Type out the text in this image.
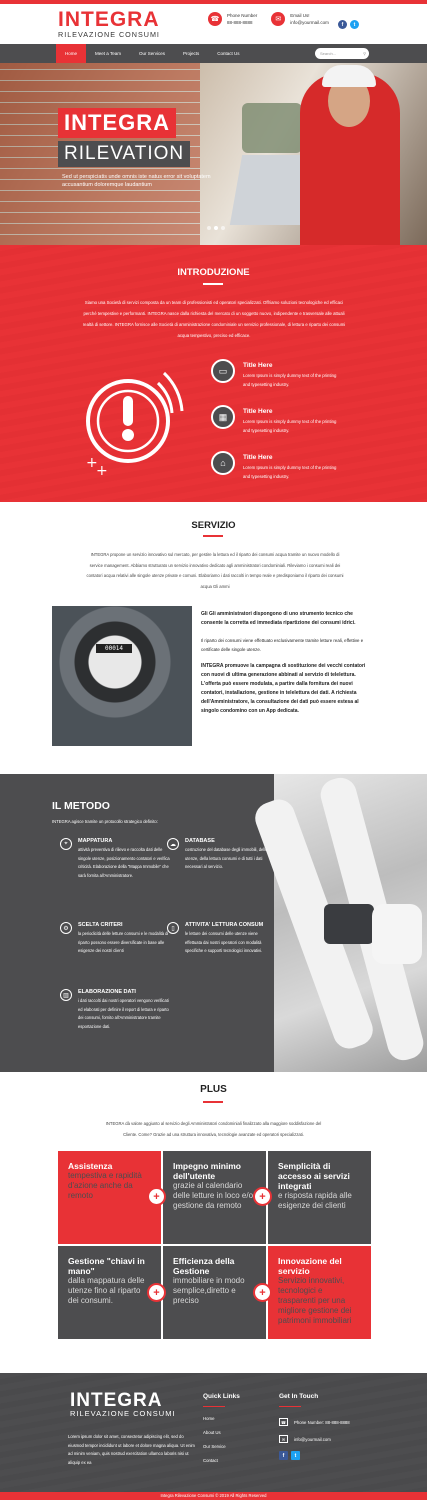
INTEGRA
RILEVAZIONE CONSUMI
☎
Phone Number
88-888-8888	✉
Email Us!
info@yourmail.com	f	t
Home	Meet a Team	Our Services	Projects	Contact Us	Search...	⚲
INTEGRA
RILEVATION
Sed ut perspiciatis unde omnis iste natus error sit voluptatem accusantium doloremque laudantium
INTRODUZIONE

Siamo una Società di servizi composta da un team di professionisti ed operatori specializzati. Offriamo soluzioni tecnologiche ed efficaci perché tempestive e performanti. INTEGRA nasce dalla richiesta del mercato di un soggetto nuovo, indipendente e trasversale alle attuali realtà di settore. INTEGRA fornisce alle Società di amministrazione condominiale un servizio professionale, di lettura e riparto dei consumi acqua tempestivo, preciso ed efficace.

+
+
▭	Title Here
Lorem Ipsum is simply dummy text of the printing and typesetting industry.
▦	Title Here
Lorem Ipsum is simply dummy text of the printing and typesetting industry.
⌂
Title Here
Lorem Ipsum is simply dummy text of the printing and typesetting industry.
SERVIZIO

INTEGRA propone un servizio innovativo sul mercato, per gestire la lettura ed il riparto dei consumi acqua tramite un nuovo modello di service management. Abbiamo strutturato un servizio innovativo dedicato agli amministratori condominiali. Rileviamo i consumi reali dei contatori acqua relativi alle singole utenze private e comuni. Elaboriamo i dati raccolti in tempo reale e predisponiamo il riparto dei consumi acqua Gli ammi

00014
Gli Gli amministratori dispongono di uno strumento tecnico che consente la corretta ed immediata ripartizione dei consumi idrici.
Il riparto dei consumi viene effettuato esclusivamente tramite letture reali, effettive e certificate delle singole utenze.
INTEGRA promuove la campagna di sostituzione dei vecchi contatori con nuovi di ultima generazione abbinati al servizio di telelettura. L'offerta può essere modulata, a partire dalla fornitura dei nuovi contatori, installazione, gestione in telelettura dei dati. A richiesta dell'Amministratore, la consultazione dei dati può essere estesa al singolo condomino con un App dedicata.
IL METODO
INTEGRA agisce tramite un protocollo strategico definito:
⌖	MAPPATURA
attività preventiva di rilievo e raccolta dati delle singole utenze, posizionamento contatori e verifica criticità. Elaborazione della "Mappa Immobile" che sarà fornita all'Amministratore.
☁
DATABASE
costruzione del database degli immobili, delle utenze, della lettura consumi e di tutti i dati necessari al servizio.
⚙
SCELTA CRITERI
la periodicità delle letture consumi e le modalità di riparto possono essere diversificate in base alle esigenze dei nostri clienti
▯
ATTIVITA' LETTURA CONSUM
le letture dei consumi delle utenze viene effettuata dai nostri operatori con modalità specifiche e supporti tecnologici innovativi.
▥
ELABORAZIONE DATI
i dati raccolti dai nostri operatori vengono verificati ed elaborati per definire il report di lettura e riparto dei consumi, fornito all'Amministratore tramite esportazione dati.
PLUS

INTEGRA dà valore aggiunto al servizio degli Amministratori condominiali finalizzato alla maggiore soddisfazione del Cliente. Come? Grazie ad una struttura innovativa, tecnologie avanzate ed operatori specializzati.

Assistenza
tempestiva e rapidità d'azione anche da remoto
Impegno minimo dell'utente
grazie al calendario delle letture in loco e/o gestione da remoto
Semplicità di accesso ai servizi integrati
e risposta rapida alle esigenze dei clienti
Gestione "chiavi in mano"
dalla mappatura delle utenze fino al riparto dei consumi.
Efficienza della Gestione
immobiliare in modo semplice,diretto e preciso
Innovazione del servizio
Servizio innovativi, tecnologici e trasparenti per una migliore gestione dei patrimoni immobiliari
+	+
+	+
INTEGRA
RILEVAZIONE CONSUMI
Lorem ipsum dolor sit amet, consectetur adipiscing elit, sed do eiusmod tempor incididunt ut labore et dolore magna aliqua. Ut enim ad minim veniam, quis nostrud exercitation ullamco laboris nisi ut aliquip ex ea
Quick Links
Home
About Us
Our Service
Contact
Get In Touch
☎	Phone Number: 88-888-8888
✉	info@yourmail.com
f	t
Integra Rilevazione Consumi © 2019 All Rights Reserved
